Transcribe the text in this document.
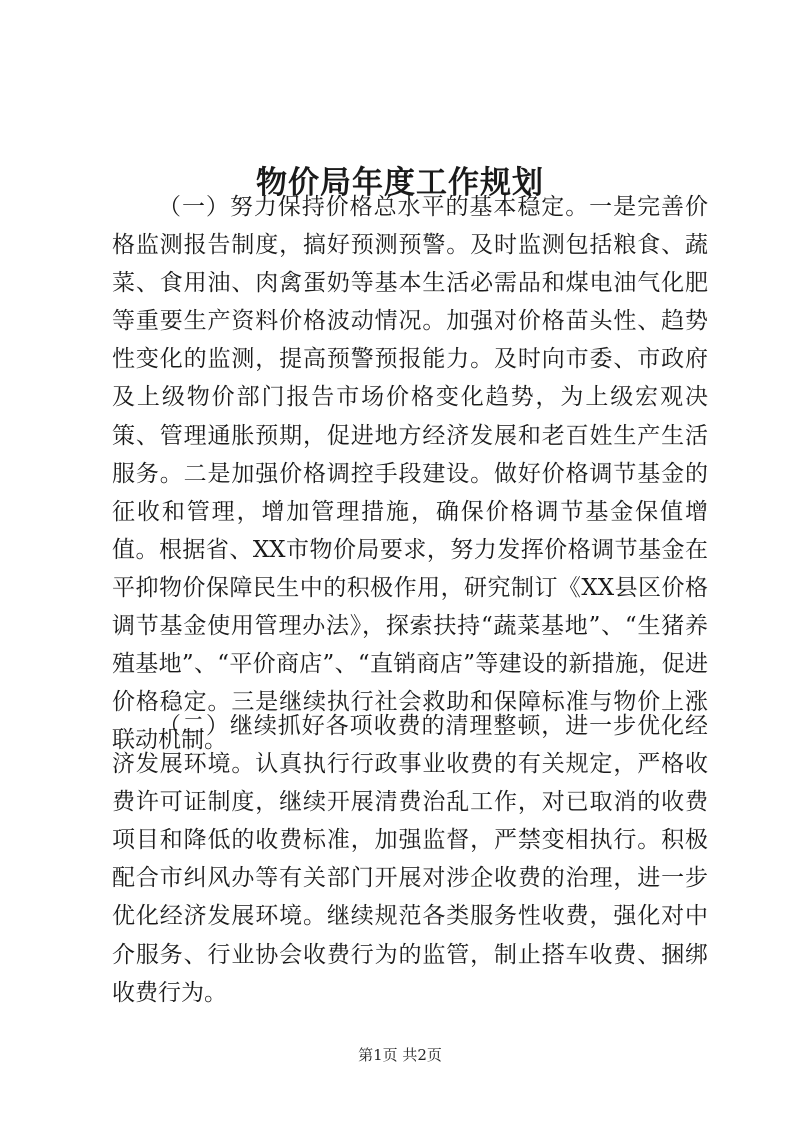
物价局年度工作规划

（一）努力保持价格总水平的基本稳定。一是完善价格监测报告制度，搞好预测预警。及时监测包括粮食、蔬菜、食用油、肉禽蛋奶等基本生活必需品和煤电油气化肥等重要生产资料价格波动情况。加强对价格苗头性、趋势性变化的监测，提高预警预报能力。及时向市委、市政府及上级物价部门报告市场价格变化趋势，为上级宏观决策、管理通胀预期，促进地方经济发展和老百姓生产生活服务。二是加强价格调控手段建设。做好价格调节基金的征收和管理，增加管理措施，确保价格调节基金保值增值。根据省、XX市物价局要求，努力发挥价格调节基金在平抑物价保障民生中的积极作用，研究制订《XX县区价格调节基金使用管理办法》，探索扶持“蔬菜基地”、“生猪养殖基地”、“平价商店”、“直销商店”等建设的新措施，促进价格稳定。三是继续执行社会救助和保障标准与物价上涨联动机制。

（二）继续抓好各项收费的清理整顿，进一步优化经济发展环境。认真执行行政事业收费的有关规定，严格收费许可证制度，继续开展清费治乱工作，对已取消的收费项目和降低的收费标准，加强监督，严禁变相执行。积极配合市纠风办等有关部门开展对涉企收费的治理，进一步优化经济发展环境。继续规范各类服务性收费，强化对中介服务、行业协会收费行为的监管，制止搭车收费、捆绑收费行为。

第1页 共2页
